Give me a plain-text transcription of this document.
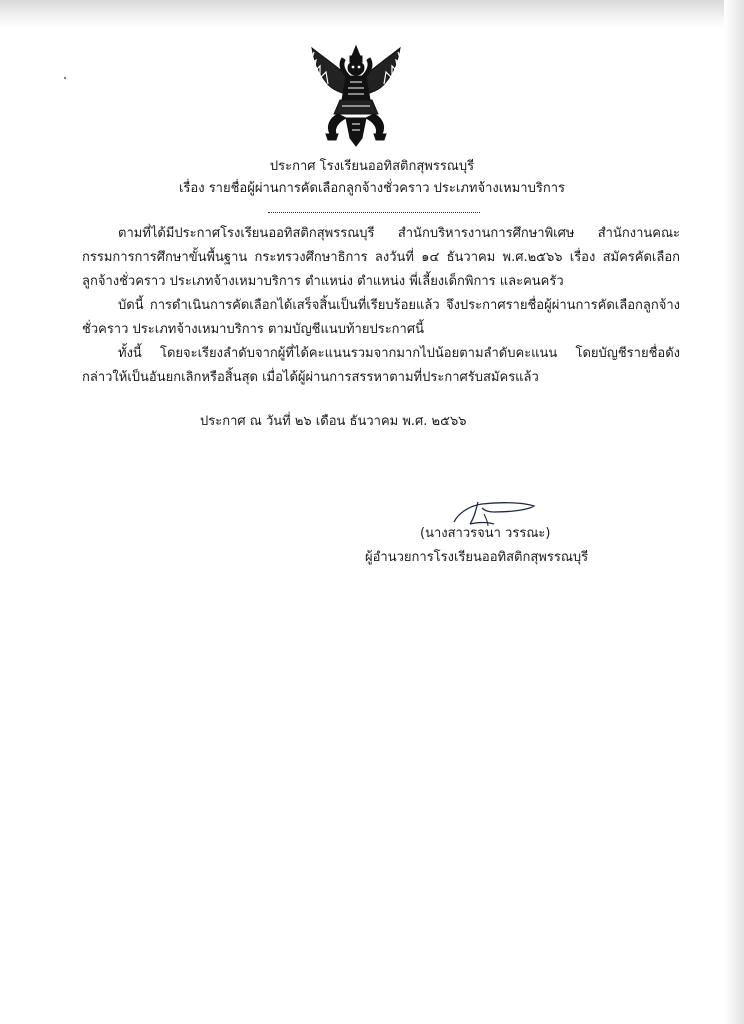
ประกาศ โรงเรียนออทิสติกสุพรรณบุรี
เรื่อง รายชื่อผู้ผ่านการคัดเลือกลูกจ้างชั่วคราว ประเภทจ้างเหมาบริการ

ตามที่ได้มีประกาศโรงเรียนออทิสติกสุพรรณบุรี สำนักบริหารงานการศึกษาพิเศษ สำนักงานคณะกรรมการการศึกษาขั้นพื้นฐาน กระทรวงศึกษาธิการ ลงวันที่ ๑๔ ธันวาคม พ.ศ.๒๕๖๖ เรื่อง สมัครคัดเลือกลูกจ้างชั่วคราว ประเภทจ้างเหมาบริการ ตำแหน่ง ตำแหน่ง พี่เลี้ยงเด็กพิการ และคนครัว

บัดนี้ การดำเนินการคัดเลือกได้เสร็จสิ้นเป็นที่เรียบร้อยแล้ว จึงประกาศรายชื่อผู้ผ่านการคัดเลือกลูกจ้างชั่วคราว ประเภทจ้างเหมาบริการ ตามบัญชีแนบท้ายประกาศนี้

ทั้งนี้ โดยจะเรียงลำดับจากผู้ที่ได้คะแนนรวมจากมากไปน้อยตามลำดับคะแนน โดยบัญชีรายชื่อดังกล่าวให้เป็นอันยกเลิกหรือสิ้นสุด เมื่อได้ผู้ผ่านการสรรหาตามที่ประกาศรับสมัครแล้ว

ประกาศ ณ วันที่ ๒๖ เดือน ธันวาคม พ.ศ. ๒๕๖๖
(นางสาวรจนา วรรณะ)
ผู้อำนวยการโรงเรียนออทิสติกสุพรรณบุรี
